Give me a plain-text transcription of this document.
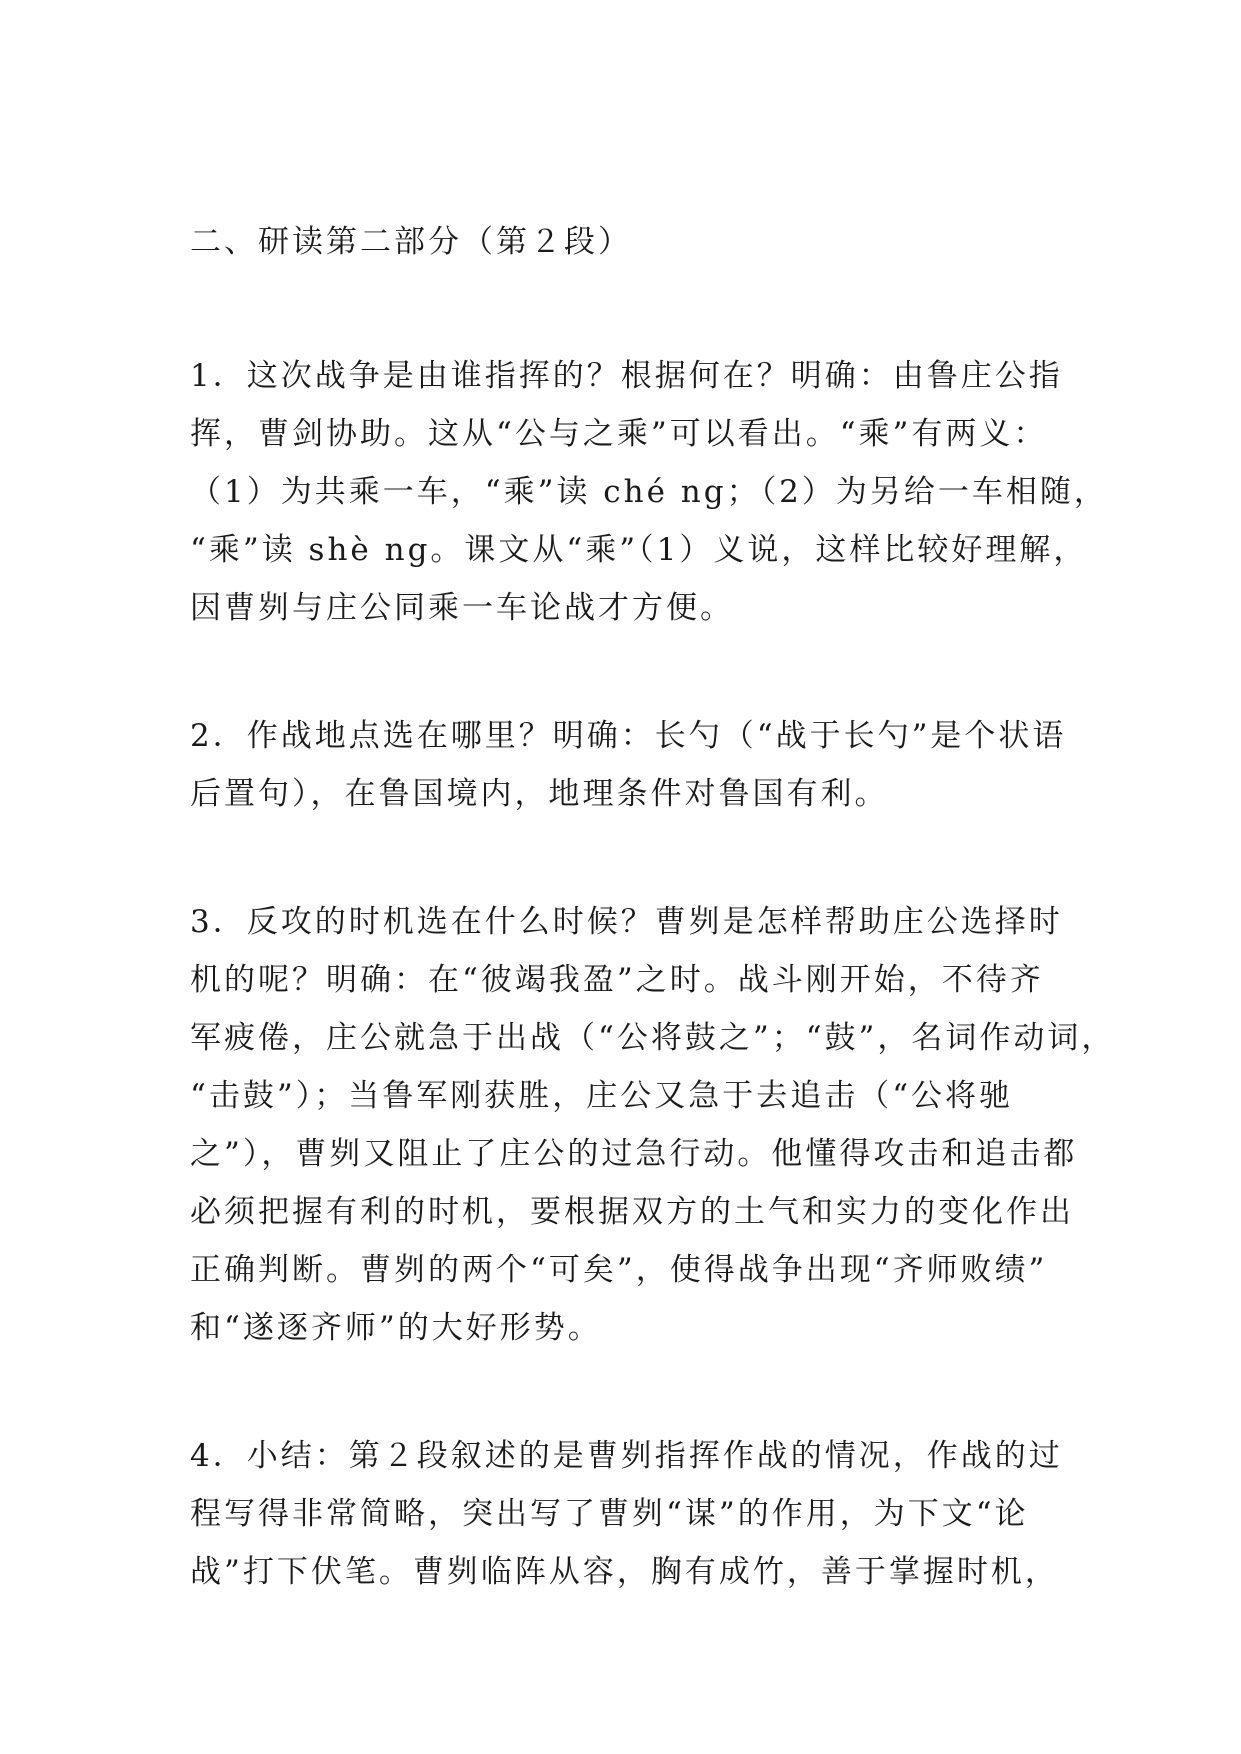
二、研读第二部分（第２段）

1．这次战争是由谁指挥的？根据何在？明确：由鲁庄公指
挥，曹剑协助。这从“公与之乘”可以看出。“乘”有两义：
（1）为共乘一车，“乘”读 ché ng；（2）为另给一车相随，
“乘”读 shè ng。课文从“乘”（1）义说，这样比较好理解，
因曹刿与庄公同乘一车论战才方便。

2．作战地点选在哪里？明确：长勺（“战于长勺”是个状语
后置句），在鲁国境内，地理条件对鲁国有利。

3．反攻的时机选在什么时候？曹刿是怎样帮助庄公选择时
机的呢？明确：在“彼竭我盈”之时。战斗刚开始，不待齐
军疲倦，庄公就急于出战（“公将鼓之”；“鼓”，名词作动词，
“击鼓”）；当鲁军刚获胜，庄公又急于去追击（“公将驰
之”），曹刿又阻止了庄公的过急行动。他懂得攻击和追击都
必须把握有利的时机，要根据双方的土气和实力的变化作出
正确判断。曹刿的两个“可矣”，使得战争出现“齐师败绩”
和“遂逐齐师”的大好形势。

4．小结：第２段叙述的是曹刿指挥作战的情况，作战的过
程写得非常简略，突出写了曹刿“谋”的作用，为下文“论
战”打下伏笔。曹刿临阵从容，胸有成竹，善于掌握时机，
